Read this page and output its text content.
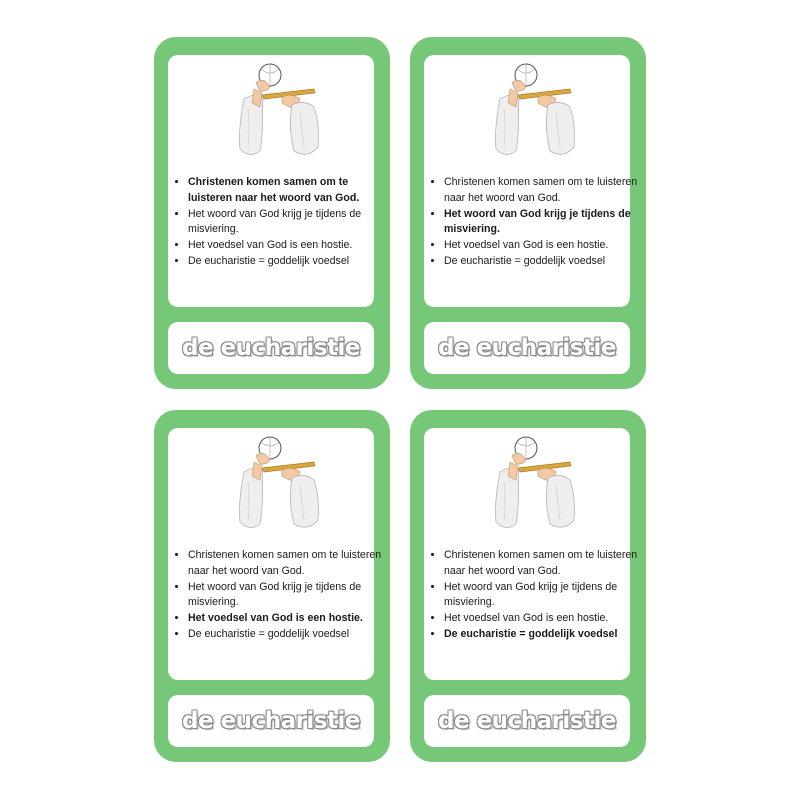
• Christenen komen samen om te luisteren naar het woord van God.
• Het woord van God krijg je tijdens de misviering.
• Het voedsel van God is een hostie.
• De eucharistie = goddelijk voedsel
de eucharistie
• Christenen komen samen om te luisteren naar het woord van God.
• Het woord van God krijg je tijdens de misviering.
• Het voedsel van God is een hostie.
• De eucharistie = goddelijk voedsel
de eucharistie
• Christenen komen samen om te luisteren naar het woord van God.
• Het woord van God krijg je tijdens de misviering.
• Het voedsel van God is een hostie.
• De eucharistie = goddelijk voedsel
de eucharistie
• Christenen komen samen om te luisteren naar het woord van God.
• Het woord van God krijg je tijdens de misviering.
• Het voedsel van God is een hostie.
• De eucharistie = goddelijk voedsel
de eucharistie
